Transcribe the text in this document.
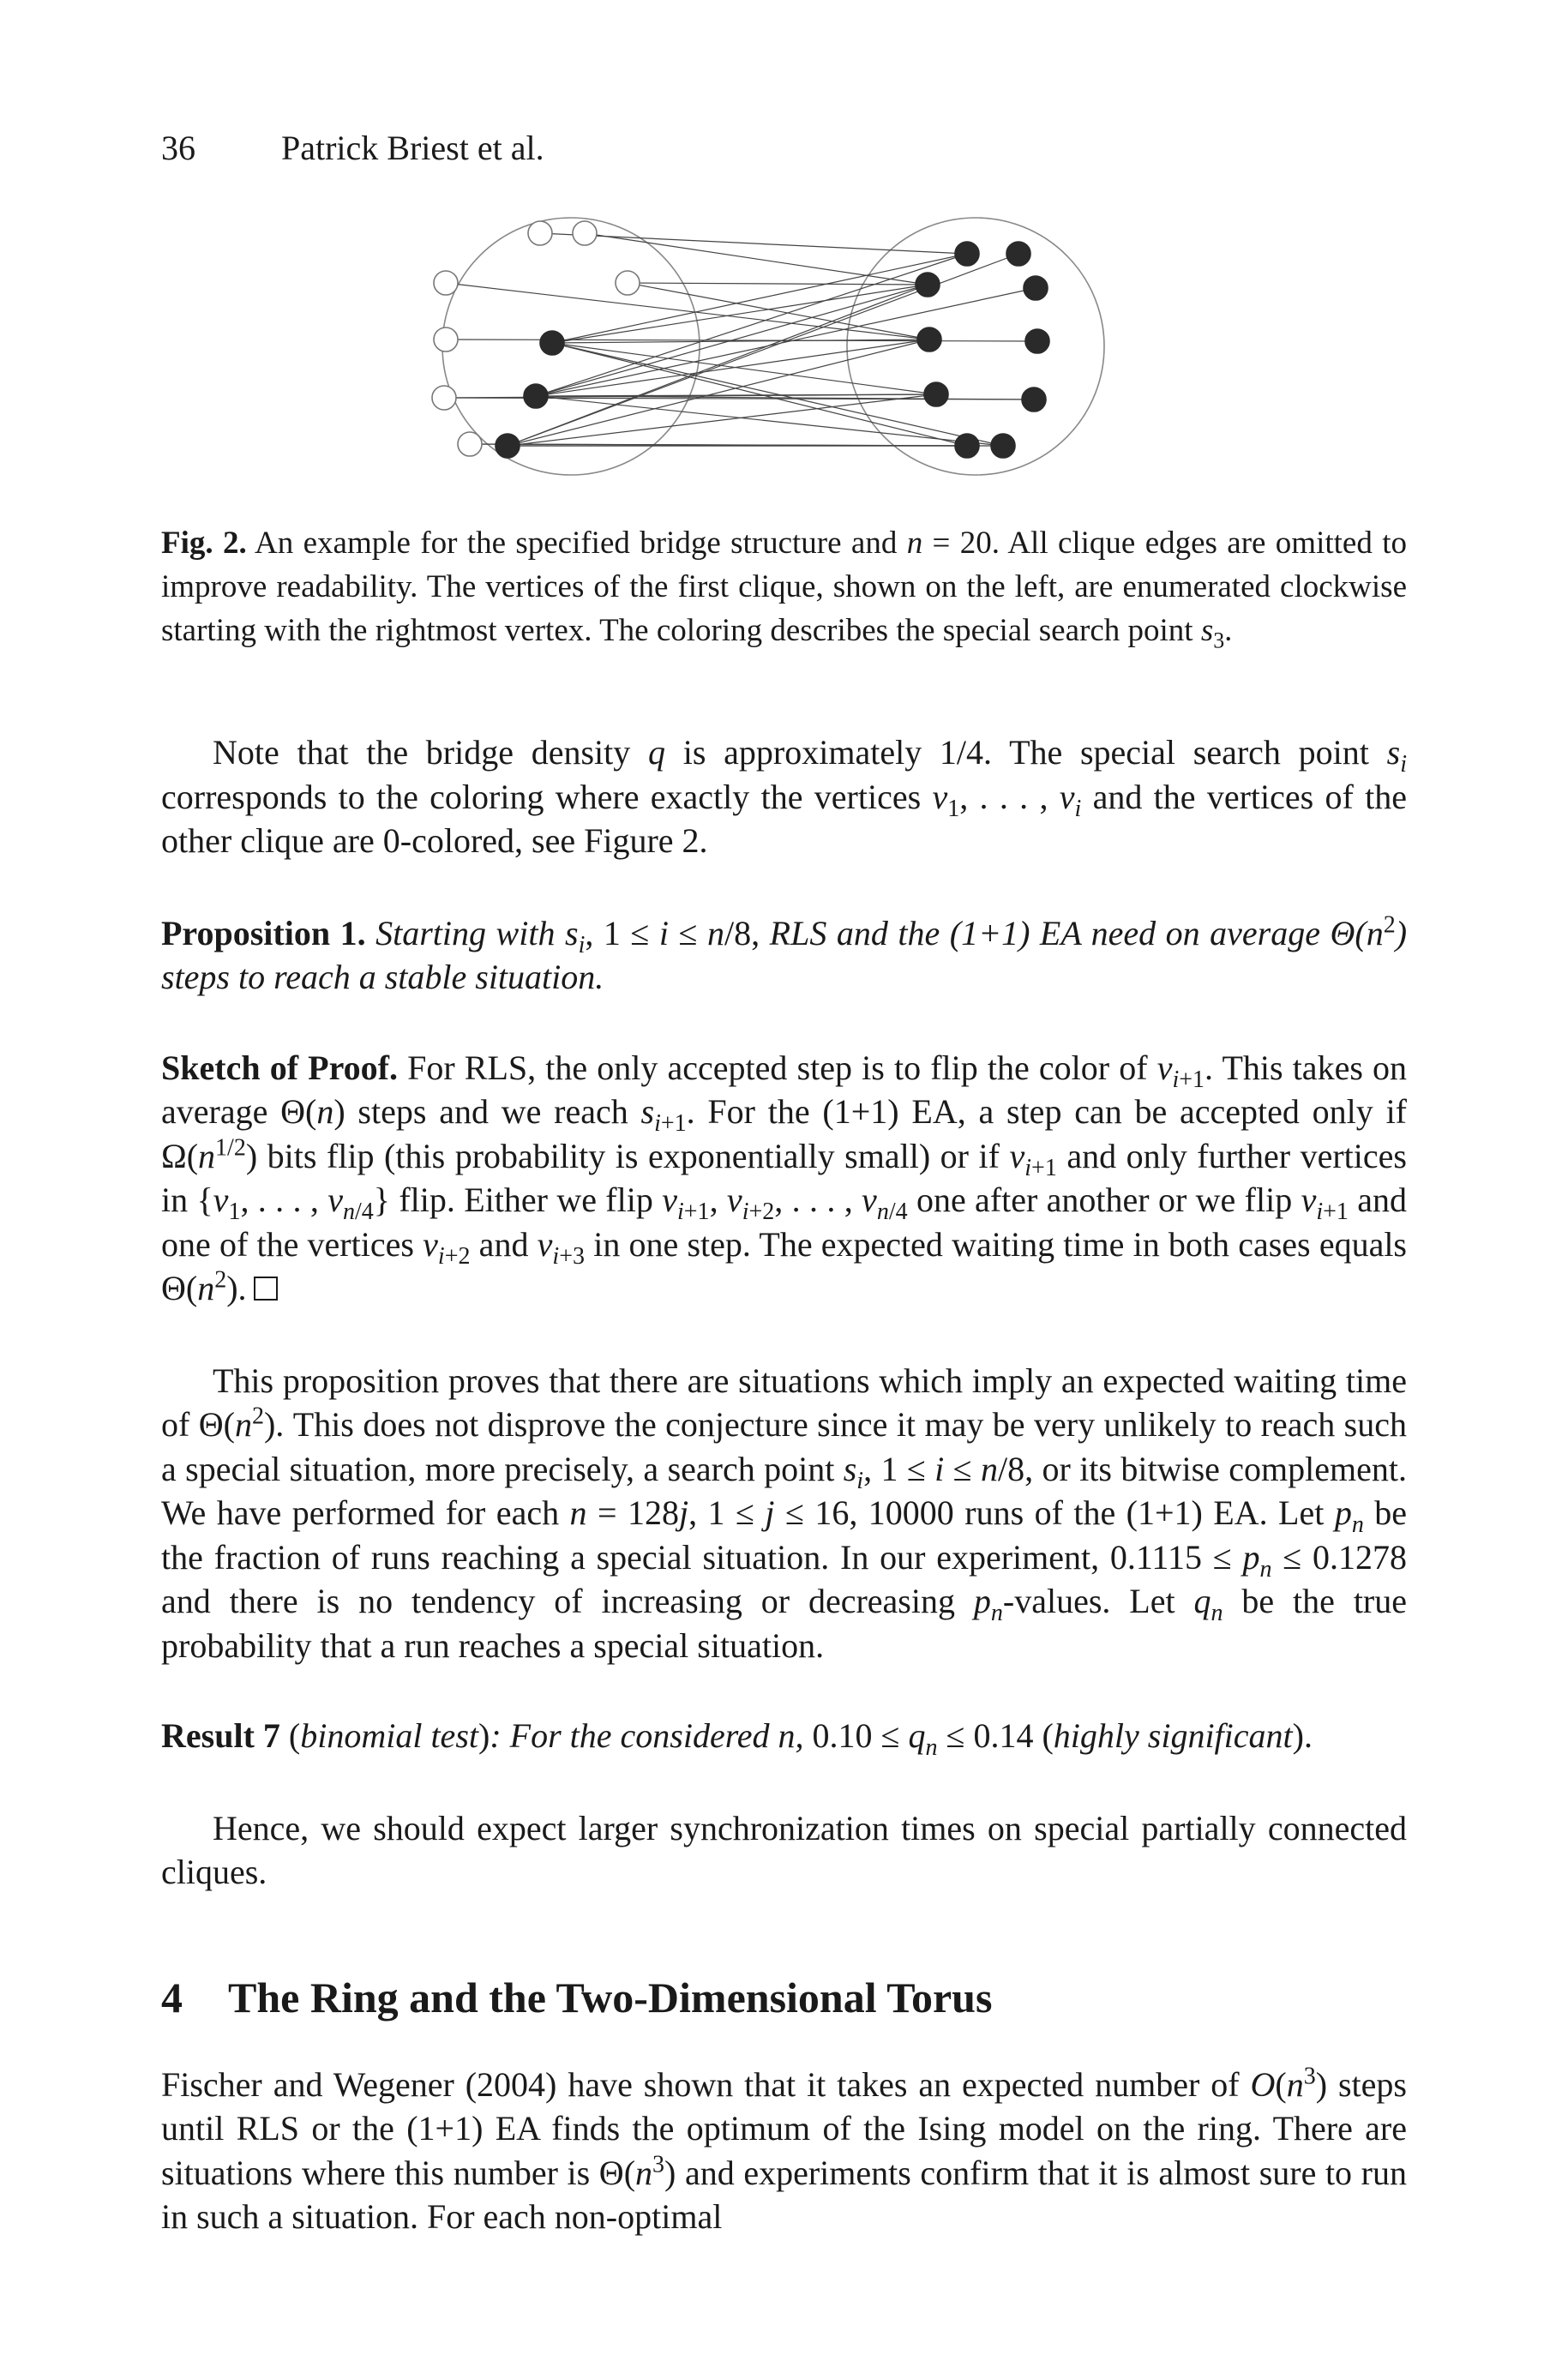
36	Patrick Briest et al.
Fig. 2. An example for the specified bridge structure and n = 20. All clique edges are omitted to improve readability. The vertices of the first clique, shown on the left, are enumerated clockwise starting with the rightmost vertex. The coloring describes the special search point $s_3$.

Note that the bridge density q is approximately 1/4. The special search point $s_i$ corresponds to the coloring where exactly the vertices $v_1$, . . . , $v_i$ and the vertices of the other clique are 0-colored, see Figure 2.

Proposition 1. Starting with $s_i$, 1 ≤ i ≤ n/8, RLS and the (1+1) EA need on average $\Theta(n^2)$ steps to reach a stable situation.

Sketch of Proof. For RLS, the only accepted step is to flip the color of $v_{i+1}$. This takes on average Θ(n) steps and we reach $s_{i+1}$. For the (1+1) EA, a step can be accepted only if $\Omega(n^{1/2})$ bits flip (this probability is exponentially small) or if $v_{i+1}$ and only further vertices in {$v_1$, . . . , $v_{n/4}$} flip. Either we flip $v_{i+1}$, $v_{i+2}$, . . . , $v_{n/4}$ one after another or we flip $v_{i+1}$ and one of the vertices $v_{i+2}$ and $v_{i+3}$ in one step. The expected waiting time in both cases equals $\Theta(n^2)$.

This proposition proves that there are situations which imply an expected waiting time of $\Theta(n^2)$. This does not disprove the conjecture since it may be very unlikely to reach such a special situation, more precisely, a search point $s_i$, 1 ≤ i ≤ n/8, or its bitwise complement. We have performed for each n = 128j, 1 ≤ j ≤ 16, 10000 runs of the (1+1) EA. Let $p_n$ be the fraction of runs reaching a special situation. In our experiment, $0.1115 \le p_n \le 0.1278$ and there is no tendency of increasing or decreasing $p_n$-values. Let $q_n$ be the true probability that a run reaches a special situation.

Result 7 (binomial test): For the considered n, $0.10 \le q_n \le 0.14$ (highly significant).

Hence, we should expect larger synchronization times on special partially connected cliques.

4 The Ring and the Two-Dimensional Torus

Fischer and Wegener (2004) have shown that it takes an expected number of $O(n^3)$ steps until RLS or the (1+1) EA finds the optimum of the Ising model on the ring. There are situations where this number is $\Theta(n^3)$ and experiments confirm that it is almost sure to run in such a situation. For each non-optimal
